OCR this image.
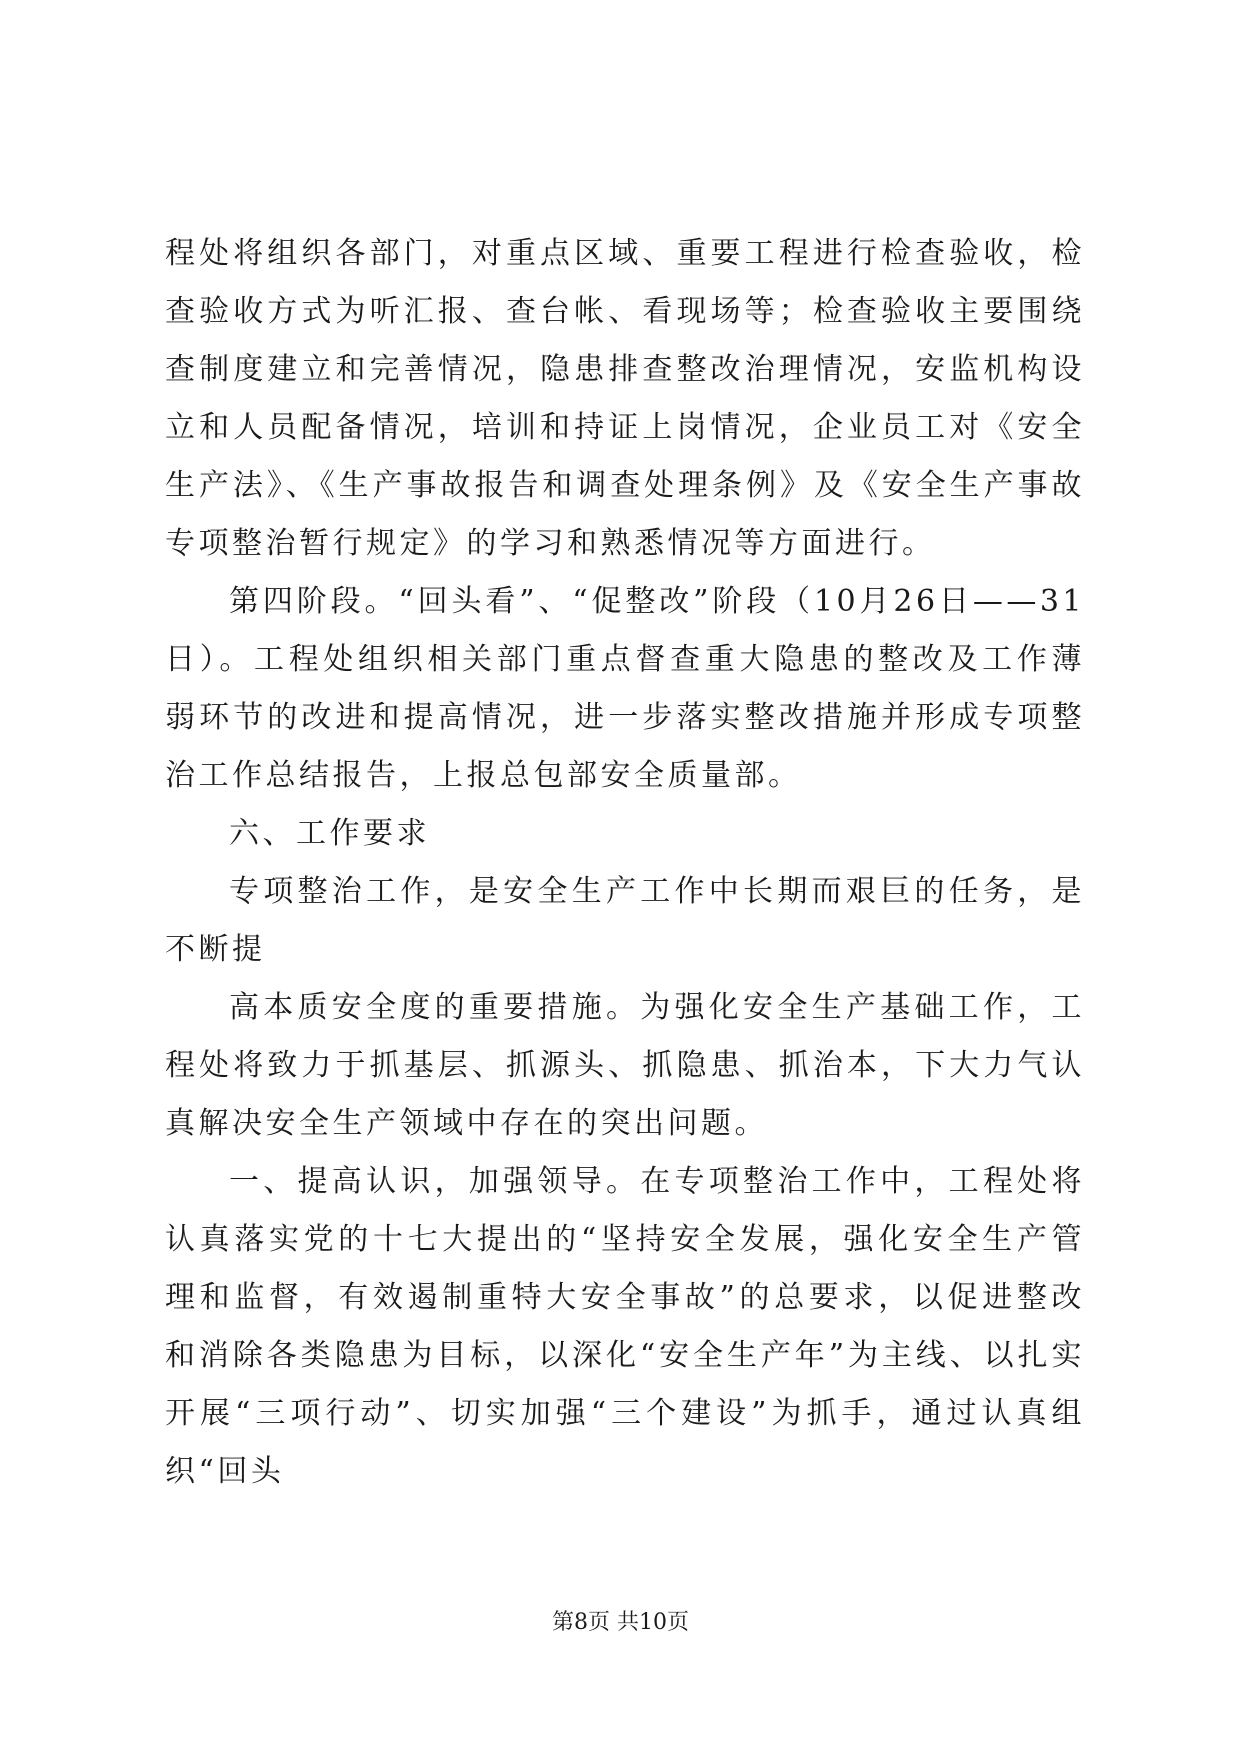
程处将组织各部门，对重点区域、重要工程进行检查验收，检查验收方式为听汇报、查台帐、看现场等；检查验收主要围绕查制度建立和完善情况，隐患排查整改治理情况，安监机构设立和人员配备情况，培训和持证上岗情况，企业员工对《安全生产法》、《生产事故报告和调查处理条例》及《安全生产事故专项整治暂行规定》的学习和熟悉情况等方面进行。

第四阶段。“回头看”、“促整改”阶段（10月26日——31日）。工程处组织相关部门重点督查重大隐患的整改及工作薄弱环节的改进和提高情况，进一步落实整改措施并形成专项整治工作总结报告，上报总包部安全质量部。

六、工作要求

专项整治工作，是安全生产工作中长期而艰巨的任务，是不断提

高本质安全度的重要措施。为强化安全生产基础工作，工程处将致力于抓基层、抓源头、抓隐患、抓治本，下大力气认真解决安全生产领域中存在的突出问题。

一、提高认识，加强领导。在专项整治工作中，工程处将认真落实党的十七大提出的“坚持安全发展，强化安全生产管理和监督，有效遏制重特大安全事故”的总要求，以促进整改和消除各类隐患为目标，以深化“安全生产年”为主线、以扎实开展“三项行动”、切实加强“三个建设”为抓手，通过认真组织“回头

第8页 共10页
